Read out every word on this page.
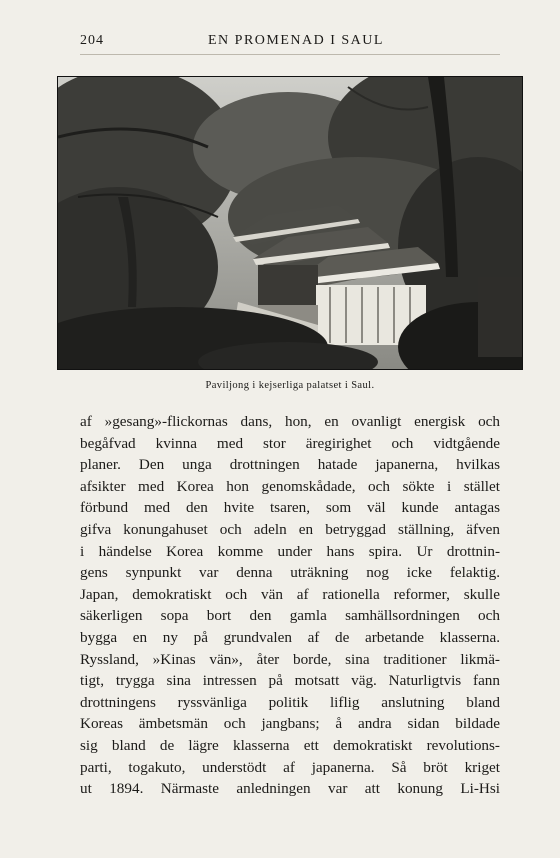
204	EN PROMENAD I SAUL
Paviljong i kejserliga palatset i Saul.
af »gesang»-flickornas dans, hon, en ovanligt energisk och
begåfvad kvinna med stor äregirighet och vidtgående
planer. Den unga drottningen hatade japanerna, hvilkas
afsikter med Korea hon genomskådade, och sökte i stället
förbund med den hvite tsaren, som väl kunde antagas
gifva konungahuset och adeln en betryggad ställning, äfven
i händelse Korea komme under hans spira. Ur drottnin-
gens synpunkt var denna uträkning nog icke felaktig.
Japan, demokratiskt och vän af rationella reformer, skulle
säkerligen sopa bort den gamla samhällsordningen och
bygga en ny på grundvalen af de arbetande klasserna.
Ryssland, »Kinas vän», åter borde, sina traditioner likmä-
tigt, trygga sina intressen på motsatt väg. Naturligtvis fann
drottningens ryssvänliga politik liflig anslutning bland
Koreas ämbetsmän och jangbans; å andra sidan bildade
sig bland de lägre klasserna ett demokratiskt revolutions-
parti, togakuto, understödt af japanerna. Så bröt kriget
ut 1894. Närmaste anledningen var att konung Li-Hsi
